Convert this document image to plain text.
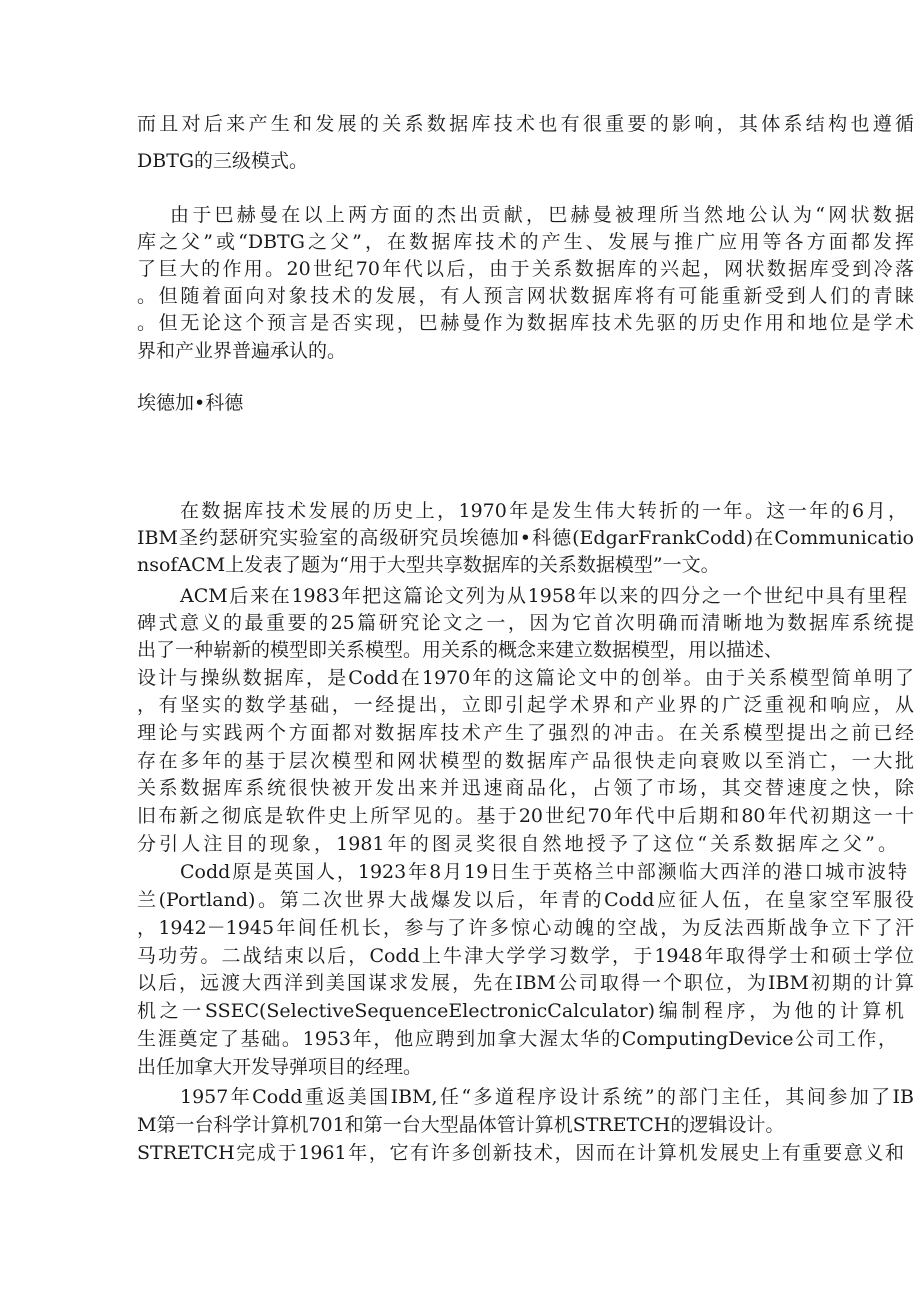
而且对后来产生和发展的关系数据库技术也有很重要的影响，其体系结构也遵循
DBTG的三级模式。
由于巴赫曼在以上两方面的杰出贡献，巴赫曼被理所当然地公认为“网状数据
库之父”或“DBTG之父”，在数据库技术的产生、发展与推广应用等各方面都发挥
了巨大的作用。20世纪70年代以后，由于关系数据库的兴起，网状数据库受到冷落
。但随着面向对象技术的发展，有人预言网状数据库将有可能重新受到人们的青睐
。但无论这个预言是否实现，巴赫曼作为数据库技术先驱的历史作用和地位是学术
界和产业界普遍承认的。
埃德加•科德
在数据库技术发展的历史上，1970年是发生伟大转折的一年。这一年的6月，
IBM圣约瑟研究实验室的高级研究员埃德加•科德(EdgarFrankCodd)在Communicatio
nsofACM上发表了题为“用于大型共享数据库的关系数据模型”一文。
ACM后来在1983年把这篇论文列为从1958年以来的四分之一个世纪中具有里程
碑式意义的最重要的25篇研究论文之一，因为它首次明确而清晰地为数据库系统提
出了一种崭新的模型即关系模型。用关系的概念来建立数据模型，用以描述、
设计与操纵数据库，是Codd在1970年的这篇论文中的创举。由于关系模型简单明了
，有坚实的数学基础，一经提出，立即引起学术界和产业界的广泛重视和响应，从
理论与实践两个方面都对数据库技术产生了强烈的冲击。在关系模型提出之前已经
存在多年的基于层次模型和网状模型的数据库产品很快走向衰败以至消亡，一大批
关系数据库系统很快被开发出来并迅速商品化，占领了市场，其交替速度之快，除
旧布新之彻底是软件史上所罕见的。基于20世纪70年代中后期和80年代初期这一十
分引人注目的现象，1981年的图灵奖很自然地授予了这位“关系数据库之父”。
Codd原是英国人，1923年8月19日生于英格兰中部濒临大西洋的港口城市波特
兰(Portland)。第二次世界大战爆发以后，年青的Codd应征人伍，在皇家空军服役
，1942－1945年间任机长，参与了许多惊心动魄的空战，为反法西斯战争立下了汗
马功劳。二战结束以后，Codd上牛津大学学习数学，于1948年取得学士和硕士学位
以后，远渡大西洋到美国谋求发展，先在IBM公司取得一个职位，为IBM初期的计算
机之一SSEC(SelectiveSequenceElectronicCalculator)编制程序，为他的计算机
生涯奠定了基础。1953年，他应聘到加拿大渥太华的ComputingDevice公司工作，
出任加拿大开发导弹项目的经理。
1957年Codd重返美国IBM,任“多道程序设计系统”的部门主任，其间参加了IB
M第一台科学计算机701和第一台大型晶体管计算机STRETCH的逻辑设计。
STRETCH完成于1961年，它有许多创新技术，因而在计算机发展史上有重要意义和
